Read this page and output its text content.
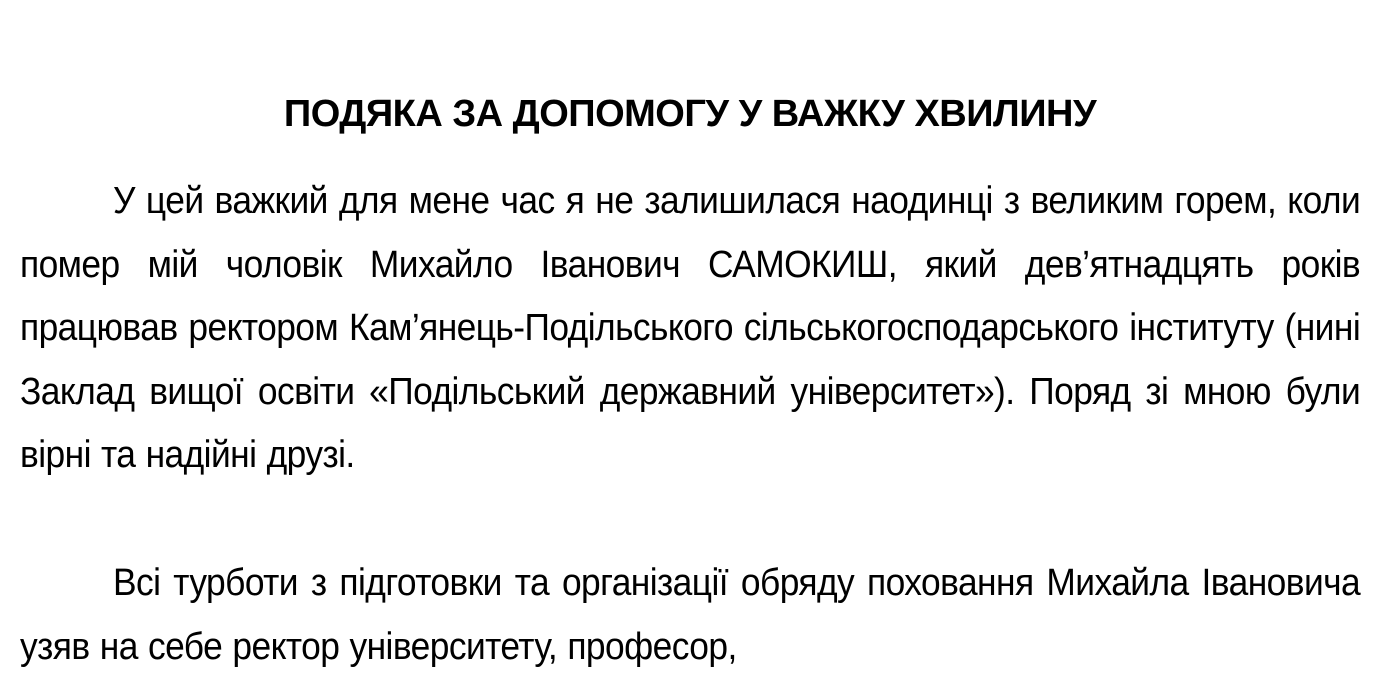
ПОДЯКА ЗА ДОПОМОГУ У ВАЖКУ ХВИЛИНУ

У цей важкий для мене час я не залишилася наодинці з великим горем, коли помер мій чоловік Михайло Іванович САМОКИШ, який дев’ятнадцять років працював ректором Кам’янець-Подільського сільськогосподарського інституту (нині Заклад вищої освіти «Подільський державний університет»). Поряд зі мною були вірні та надійні друзі.

Всі турботи з підготовки та організації обряду поховання Михайла Івановича узяв на себе ректор університету, професор,
